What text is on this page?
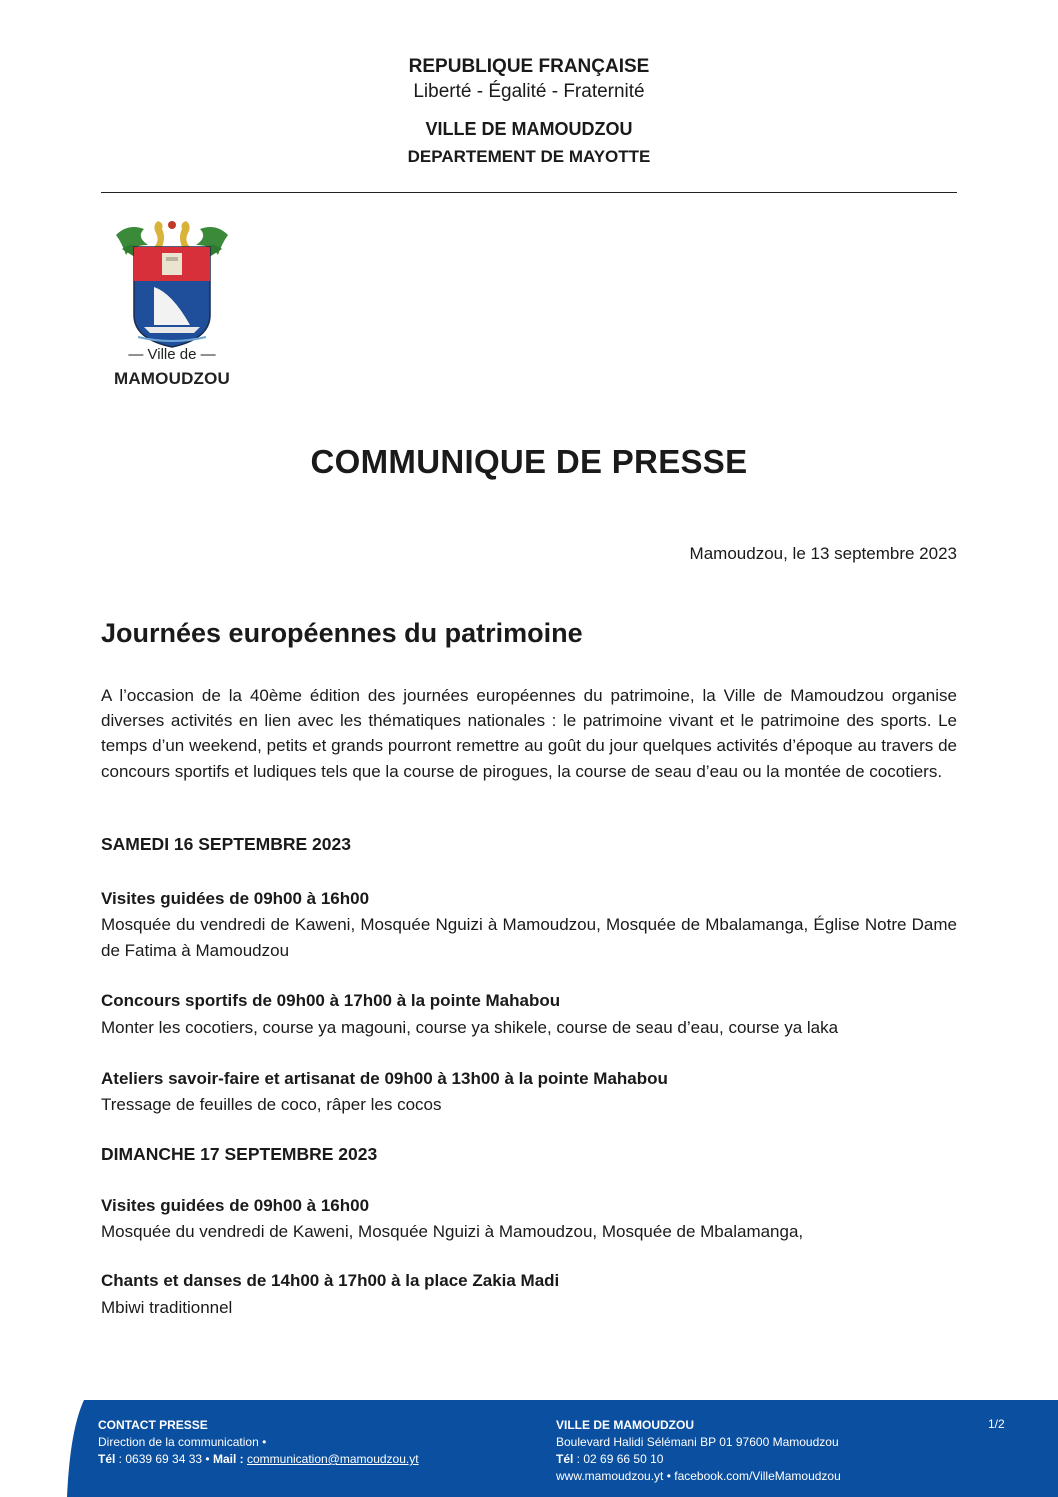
REPUBLIQUE FRANÇAISE
Liberté - Égalité - Fraternité
VILLE DE MAMOUDZOU
DEPARTEMENT DE MAYOTTE
— Ville de —
MAMOUDZOU
COMMUNIQUE DE PRESSE
Mamoudzou, le 13 septembre 2023
Journées européennes du patrimoine

A l’occasion de la 40ème édition des journées européennes du patrimoine, la Ville de Mamoudzou organise diverses activités en lien avec les thématiques nationales : le patrimoine vivant et le patrimoine des sports. Le temps d’un weekend, petits et grands pourront remettre au goût du jour quelques activités d’époque au travers de concours sportifs et ludiques tels que la course de pirogues, la course de seau d’eau ou la montée de cocotiers.

SAMEDI 16 SEPTEMBRE 2023
Visites guidées de 09h00 à 16h00

Mosquée du vendredi de Kaweni, Mosquée Nguizi à Mamoudzou, Mosquée de Mbalamanga, Église Notre Dame de Fatima à Mamoudzou

Concours sportifs de 09h00 à 17h00 à la pointe Mahabou

Monter les cocotiers, course ya magouni, course ya shikele, course de seau d’eau, course ya laka

Ateliers savoir-faire et artisanat de 09h00 à 13h00 à la pointe Mahabou

Tressage de feuilles de coco, râper les cocos

DIMANCHE 17 SEPTEMBRE 2023
Visites guidées de 09h00 à 16h00

Mosquée du vendredi de Kaweni, Mosquée Nguizi à Mamoudzou, Mosquée de Mbalamanga,

Chants et danses de 14h00 à 17h00 à la place Zakia Madi

Mbiwi traditionnel

CONTACT PRESSE
Direction de la communication •
Tél : 0639 69 34 33 • Mail : communication@mamoudzou.yt
VILLE DE MAMOUDZOU
Boulevard Halidi Sélémani BP 01 97600 Mamoudzou
Tél : 02 69 66 50 10
www.mamoudzou.yt • facebook.com/VilleMamoudzou
1/2
